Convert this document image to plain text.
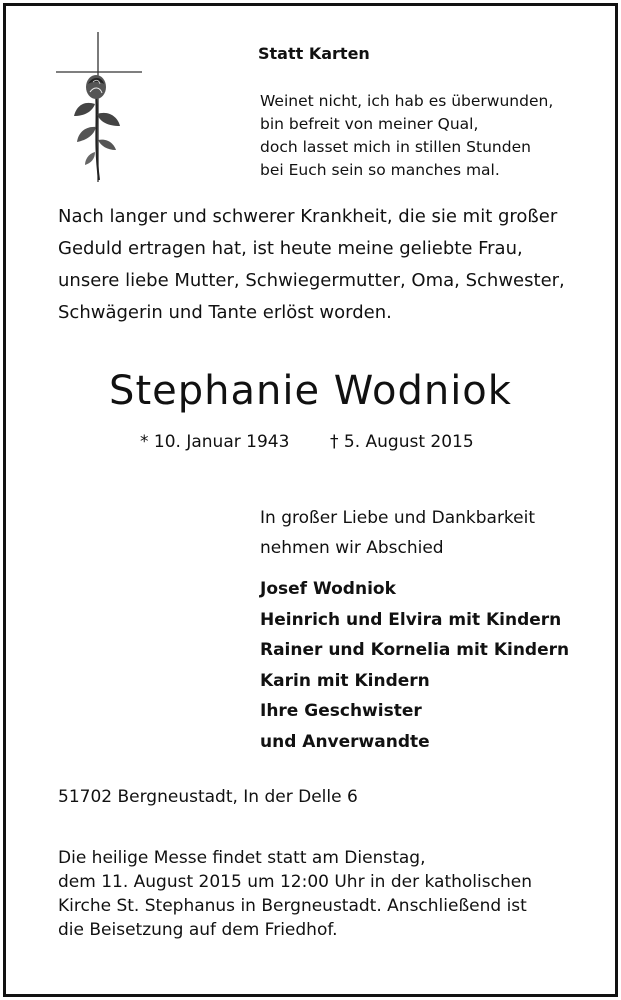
Statt Karten
Weinet nicht, ich hab es überwunden,
bin befreit von meiner Qual,
doch lasset mich in stillen Stunden
bei Euch sein so manches mal.
Nach langer und schwerer Krankheit, die sie mit großer
Geduld ertragen hat, ist heute meine geliebte Frau,
unsere liebe Mutter, Schwiegermutter, Oma, Schwester,
Schwägerin und Tante erlöst worden.
Stephanie Wodniok
* 10. Januar 1943 † 5. August 2015
In großer Liebe und Dankbarkeit
nehmen wir Abschied
Josef Wodniok
Heinrich und Elvira mit Kindern
Rainer und Kornelia mit Kindern
Karin mit Kindern
Ihre Geschwister
und Anverwandte
51702 Bergneustadt, In der Delle 6
Die heilige Messe findet statt am Dienstag,
dem 11. August 2015 um 12:00 Uhr in der katholischen
Kirche St. Stephanus in Bergneustadt. Anschließend ist
die Beisetzung auf dem Friedhof.
